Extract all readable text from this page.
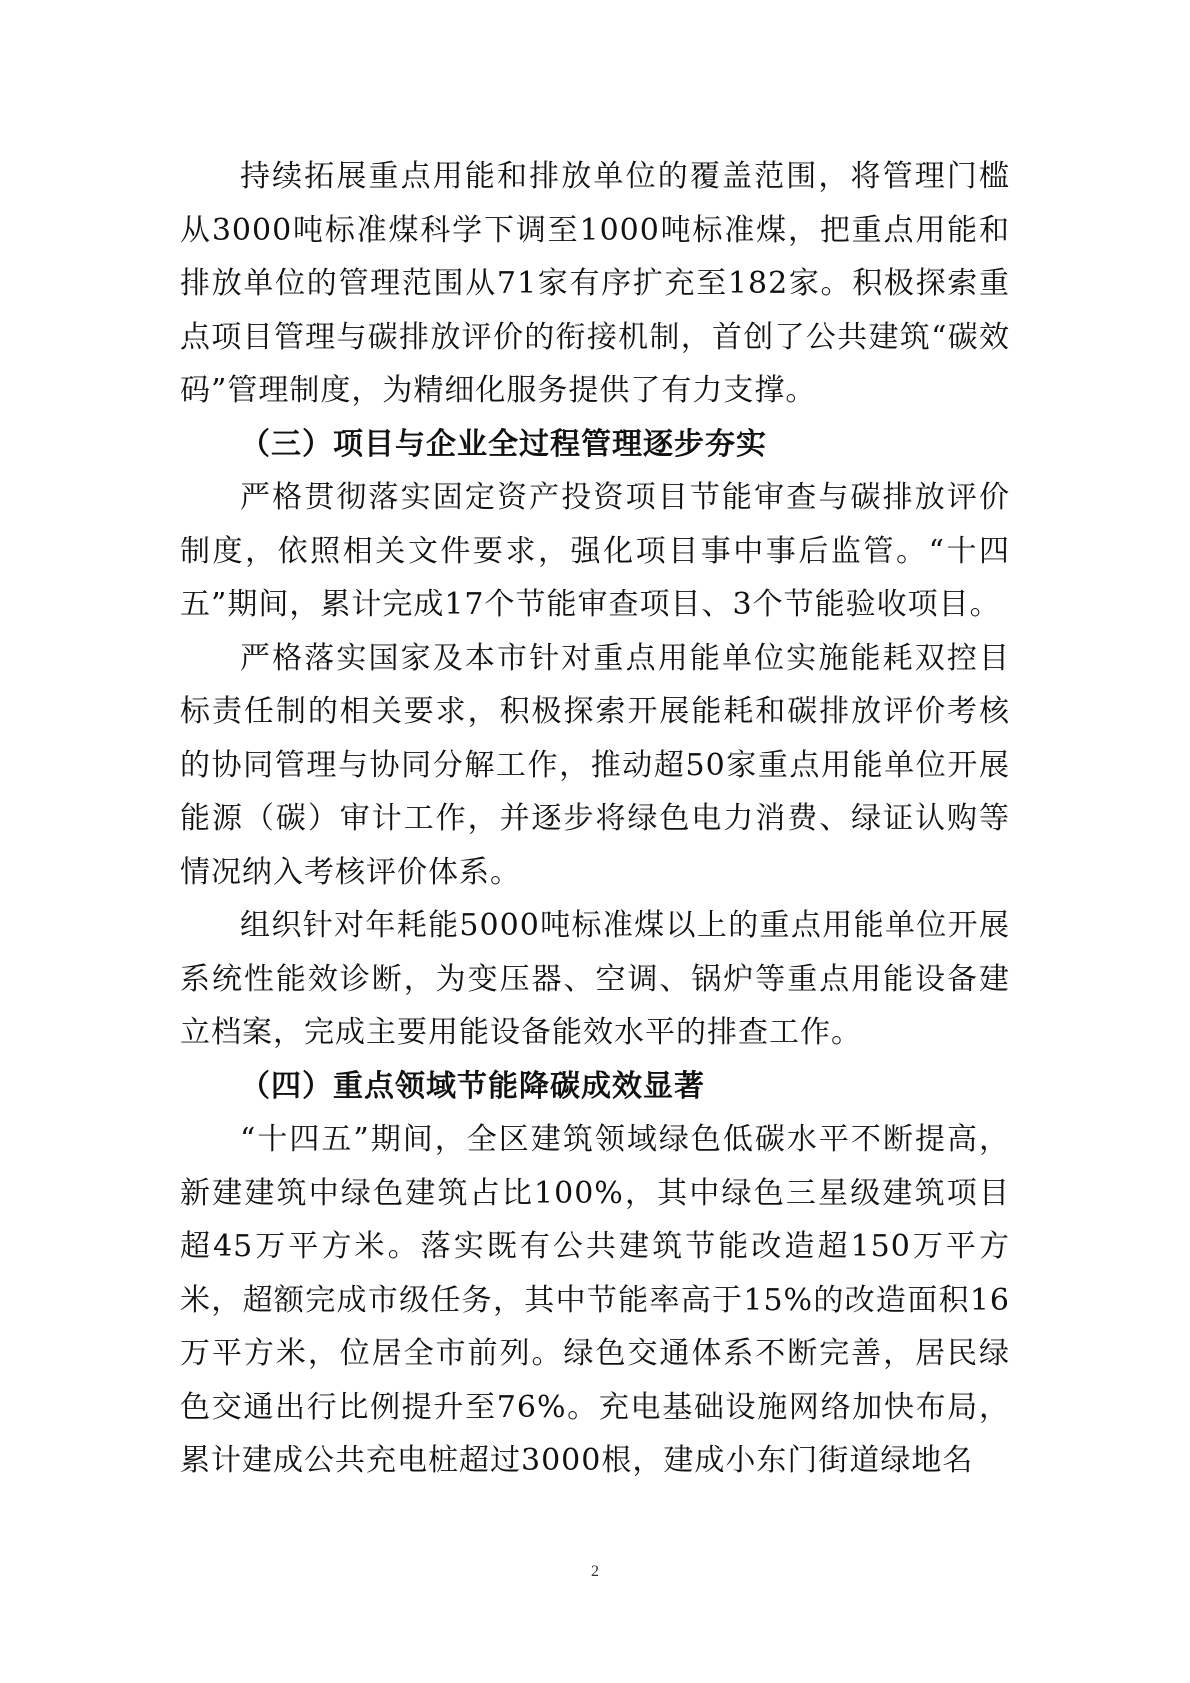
持续拓展重点用能和排放单位的覆盖范围，将管理门槛从3000吨标准煤科学下调至1000吨标准煤，把重点用能和排放单位的管理范围从71家有序扩充至182家。积极探索重点项目管理与碳排放评价的衔接机制，首创了公共建筑“碳效码”管理制度，为精细化服务提供了有力支撑。

（三）项目与企业全过程管理逐步夯实

严格贯彻落实固定资产投资项目节能审查与碳排放评价制度，依照相关文件要求，强化项目事中事后监管。“十四五”期间，累计完成17个节能审查项目、3个节能验收项目。

严格落实国家及本市针对重点用能单位实施能耗双控目标责任制的相关要求，积极探索开展能耗和碳排放评价考核的协同管理与协同分解工作，推动超50家重点用能单位开展能源（碳）审计工作，并逐步将绿色电力消费、绿证认购等情况纳入考核评价体系。

组织针对年耗能5000吨标准煤以上的重点用能单位开展系统性能效诊断，为变压器、空调、锅炉等重点用能设备建立档案，完成主要用能设备能效水平的排查工作。

（四）重点领域节能降碳成效显著

“十四五”期间，全区建筑领域绿色低碳水平不断提高，新建建筑中绿色建筑占比100%，其中绿色三星级建筑项目超45万平方米。落实既有公共建筑节能改造超150万平方米，超额完成市级任务，其中节能率高于15%的改造面积16万平方米，位居全市前列。绿色交通体系不断完善，居民绿色交通出行比例提升至76%。充电基础设施网络加快布局，累计建成公共充电桩超过3000根，建成小东门街道绿地名

2
